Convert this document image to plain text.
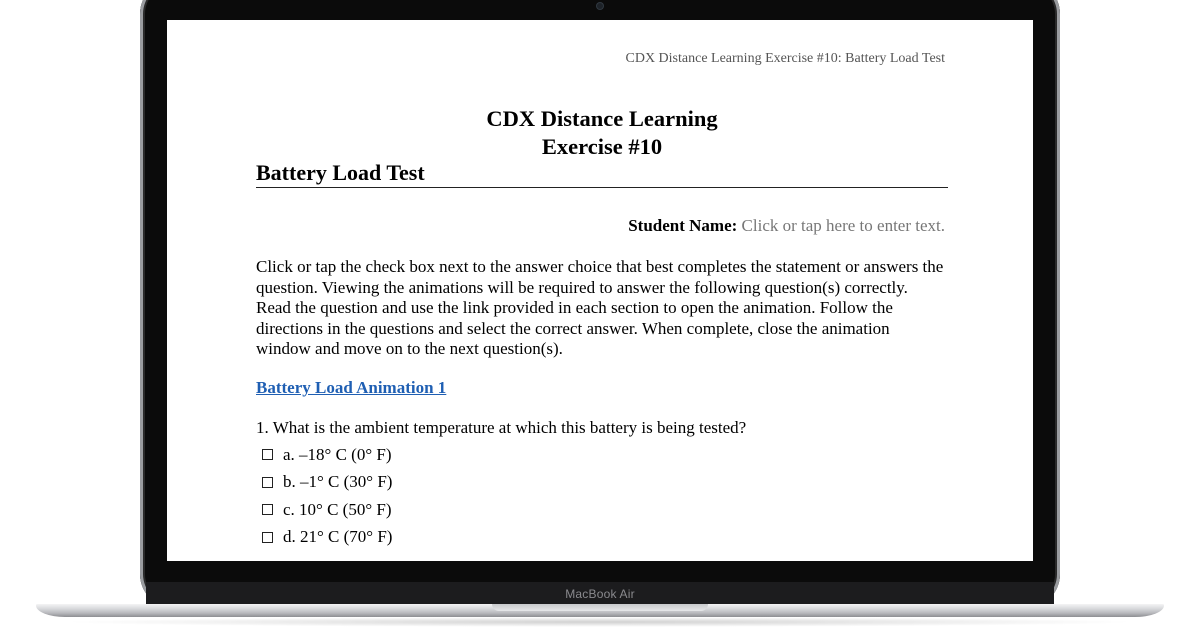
CDX Distance Learning Exercise #10: Battery Load Test
CDX Distance Learning
Exercise #10
Battery Load Test
Student Name: Click or tap here to enter text.
Click or tap the check box next to the answer choice that best completes the statement or answers the question. Viewing the animations will be required to answer the following question(s) correctly. Read the question and use the link provided in each section to open the animation. Follow the directions in the questions and select the correct answer. When complete, close the animation window and move on to the next question(s).
Battery Load Animation 1
1. What is the ambient temperature at which this battery is being tested?
a. –18° C (0° F)
b. –1° C (30° F)
c. 10° C (50° F)
d. 21° C (70° F)
MacBook Air
